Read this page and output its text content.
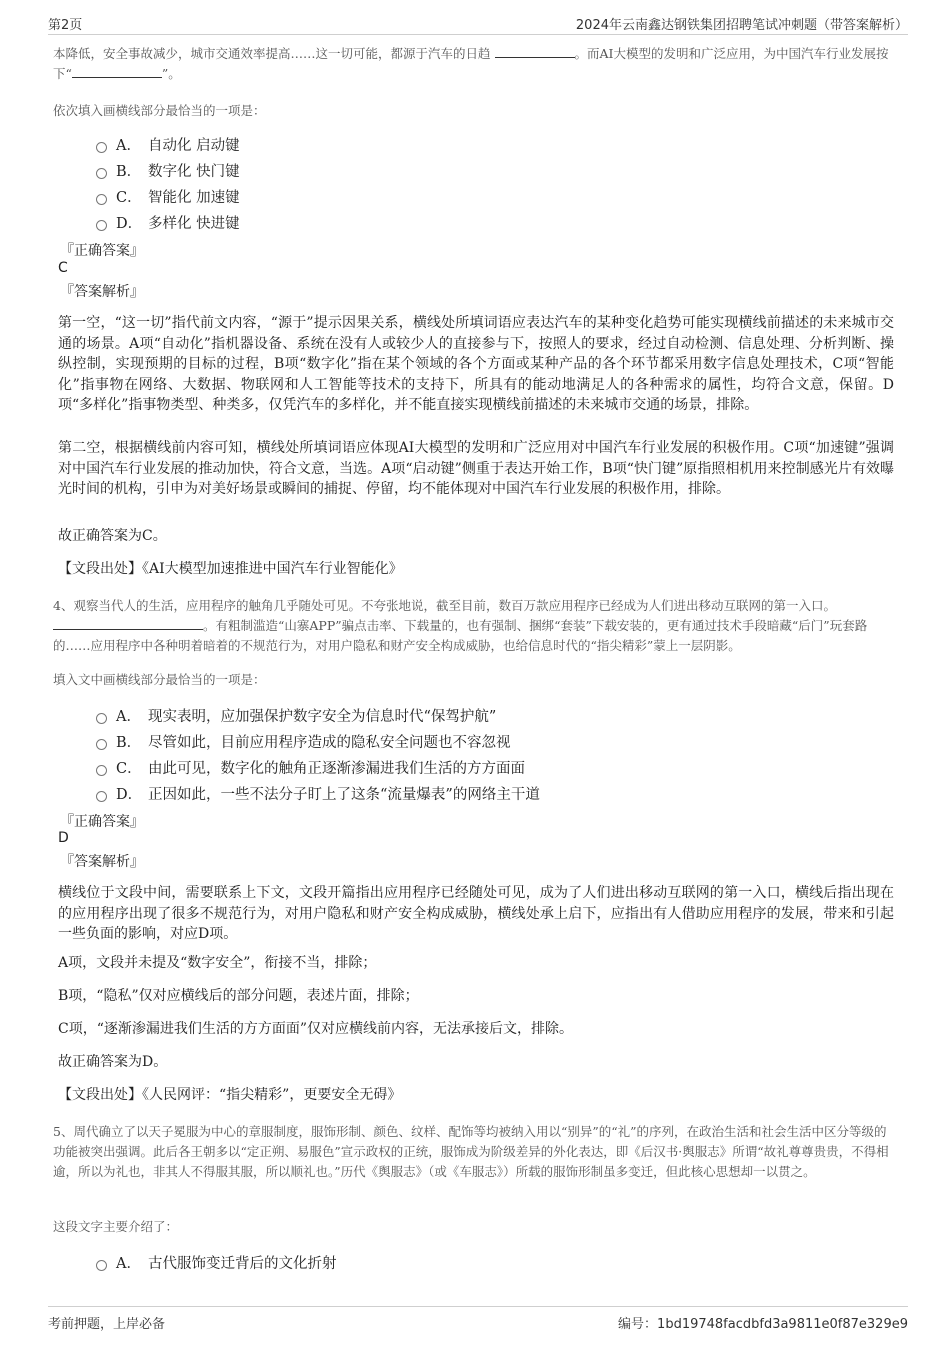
第2页	2024年云南鑫达钢铁集团招聘笔试冲刺题（带答案解析）
本降低，安全事故减少，城市交通效率提高……这一切可能，都源于汽车的日趋	。而AI大模型的发明和广泛应用，为中国汽车行业发展按下“	”。
依次填入画横线部分最恰当的一项是：
A． 自动化 启动键
B． 数字化 快门键
C． 智能化 加速键
D． 多样化 快进键
『正确答案』
C
『答案解析』
第一空，“这一切”指代前文内容，“源于”提示因果关系，横线处所填词语应表达汽车的某种变化趋势可能实现横线前描述的未来城市交通的场景。A项“自动化”指机器设备、系统在没有人或较少人的直接参与下，按照人的要求，经过自动检测、信息处理、分析判断、操纵控制，实现预期的目标的过程，B项“数字化”指在某个领域的各个方面或某种产品的各个环节都采用数字信息处理技术，C项“智能化”指事物在网络、大数据、物联网和人工智能等技术的支持下，所具有的能动地满足人的各种需求的属性，均符合文意，保留。D项“多样化”指事物类型、种类多，仅凭汽车的多样化，并不能直接实现横线前描述的未来城市交通的场景，排除。
第二空，根据横线前内容可知，横线处所填词语应体现AI大模型的发明和广泛应用对中国汽车行业发展的积极作用。C项“加速键”强调对中国汽车行业发展的推动加快，符合文意，当选。A项“启动键”侧重于表达开始工作，B项“快门键”原指照相机用来控制感光片有效曝光时间的机构，引申为对美好场景或瞬间的捕捉、停留，均不能体现对中国汽车行业发展的积极作用，排除。
故正确答案为C。
【文段出处】《AI大模型加速推进中国汽车行业智能化》
4、观察当代人的生活，应用程序的触角几乎随处可见。不夸张地说，截至目前，数百万款应用程序已经成为人们进出移动互联网的第一入口。 。有粗制滥造“山寨APP”骗点击率、下载量的，也有强制、捆绑“套装”下载安装的，更有通过技术手段暗藏“后门”玩套路的……应用程序中各种明着暗着的不规范行为，对用户隐私和财产安全构成威胁，也给信息时代的“指尖精彩”蒙上一层阴影。
填入文中画横线部分最恰当的一项是：
A． 现实表明，应加强保护数字安全为信息时代“保驾护航”
B． 尽管如此，目前应用程序造成的隐私安全问题也不容忽视
C． 由此可见，数字化的触角正逐渐渗漏进我们生活的方方面面
D． 正因如此，一些不法分子盯上了这条“流量爆表”的网络主干道
『正确答案』
D
『答案解析』
横线位于文段中间，需要联系上下文，文段开篇指出应用程序已经随处可见，成为了人们进出移动互联网的第一入口，横线后指出现在的应用程序出现了很多不规范行为，对用户隐私和财产安全构成威胁，横线处承上启下，应指出有人借助应用程序的发展，带来和引起一些负面的影响，对应D项。
A项，文段并未提及“数字安全”，衔接不当，排除；
B项，“隐私”仅对应横线后的部分问题，表述片面，排除；
C项，“逐渐渗漏进我们生活的方方面面”仅对应横线前内容，无法承接后文，排除。
故正确答案为D。
【文段出处】《人民网评：“指尖精彩”，更要安全无碍》
5、周代确立了以天子冕服为中心的章服制度，服饰形制、颜色、纹样、配饰等均被纳入用以“别异”的“礼”的序列，在政治生活和社会生活中区分等级的功能被突出强调。此后各王朝多以“定正朔、易服色”宣示政权的正统，服饰成为阶级差异的外化表达，即《后汉书·舆服志》所谓“故礼尊尊贵贵，不得相逾，所以为礼也，非其人不得服其服，所以顺礼也。”历代《舆服志》（或《车服志》）所载的服饰形制虽多变迁，但此核心思想却一以贯之。
这段文字主要介绍了：
A． 古代服饰变迁背后的文化折射
考前押题，上岸必备	编号：1bd19748facdbfd3a9811e0f87e329e9
